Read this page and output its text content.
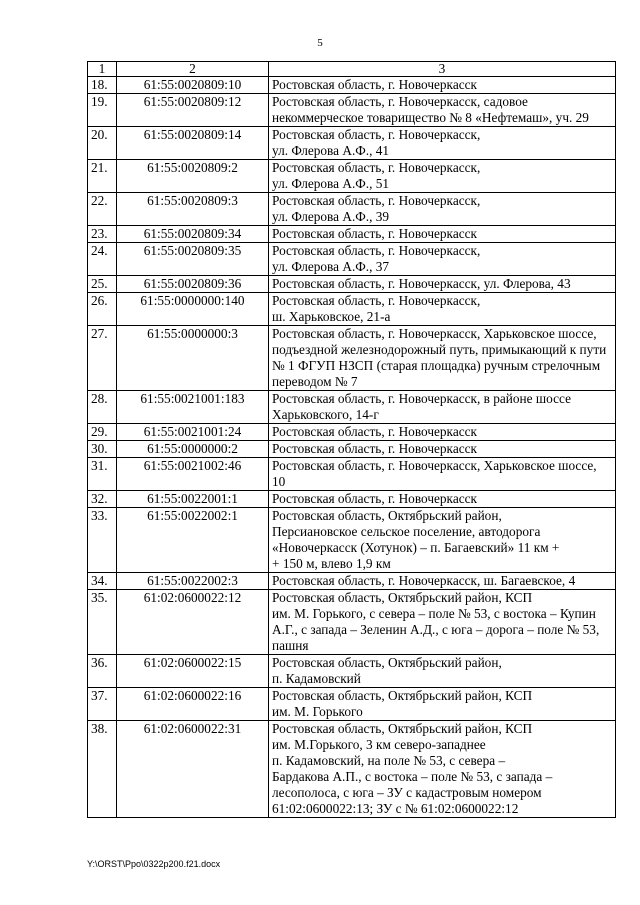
5
1	2	3
18.	61:55:0020809:10	Ростовская область, г. Новочеркасск
19.	61:55:0020809:12	Ростовская область, г. Новочеркасск, садовое некоммерческое товарищество № 8 «Нефтемаш», уч. 29
20.	61:55:0020809:14	Ростовская область, г. Новочеркасск,
ул. Флерова А.Ф., 41
21.	61:55:0020809:2	Ростовская область, г. Новочеркасск,
ул. Флерова А.Ф., 51
22.	61:55:0020809:3	Ростовская область, г. Новочеркасск,
ул. Флерова А.Ф., 39
23.	61:55:0020809:34	Ростовская область, г. Новочеркасск
24.	61:55:0020809:35	Ростовская область, г. Новочеркасск,
ул. Флерова А.Ф., 37
25.	61:55:0020809:36	Ростовская область, г. Новочеркасск, ул. Флерова, 43
26.	61:55:0000000:140	Ростовская область, г. Новочеркасск,
ш. Харьковское, 21-а
27.	61:55:0000000:3	Ростовская область, г. Новочеркасск, Харьковское шоссе, подъездной железнодорожный путь, примыкающий к пути № 1 ФГУП НЗСП (старая площадка) ручным стрелочным переводом № 7
28.	61:55:0021001:183	Ростовская область, г. Новочеркасск, в районе шоссе Харьковского, 14-г
29.	61:55:0021001:24	Ростовская область, г. Новочеркасск
30.	61:55:0000000:2	Ростовская область, г. Новочеркасск
31.	61:55:0021002:46	Ростовская область, г. Новочеркасск, Харьковское шоссе, 10
32.	61:55:0022001:1	Ростовская область, г. Новочеркасск
33.	61:55:0022002:1	Ростовская область, Октябрьский район,
Персиановское сельское поселение, автодорога «Новочеркасск (Хотунок) – п. Багаевский» 11 км +
+ 150 м, влево 1,9 км
34.	61:55:0022002:3	Ростовская область, г. Новочеркасск, ш. Багаевское, 4
35.	61:02:0600022:12	Ростовская область, Октябрьский район, КСП
им. М. Горького, с севера – поле № 53, с востока – Купин А.Г., с запада – Зеленин А.Д., с юга – дорога – поле № 53, пашня
36.	61:02:0600022:15	Ростовская область, Октябрьский район,
п. Кадамовский
37.	61:02:0600022:16	Ростовская область, Октябрьский район, КСП
им. М. Горького
38.	61:02:0600022:31	Ростовская область, Октябрьский район, КСП
им. М.Горького, 3 км северо-западнее
п. Кадамовский, на поле № 53, с севера –
Бардакова А.П., с востока – поле № 53, с запада – лесополоса, с юга – ЗУ с кадастровым номером
61:02:0600022:13; ЗУ с № 61:02:0600022:12
Y:\ORST\Ppo\0322p200.f21.docx
